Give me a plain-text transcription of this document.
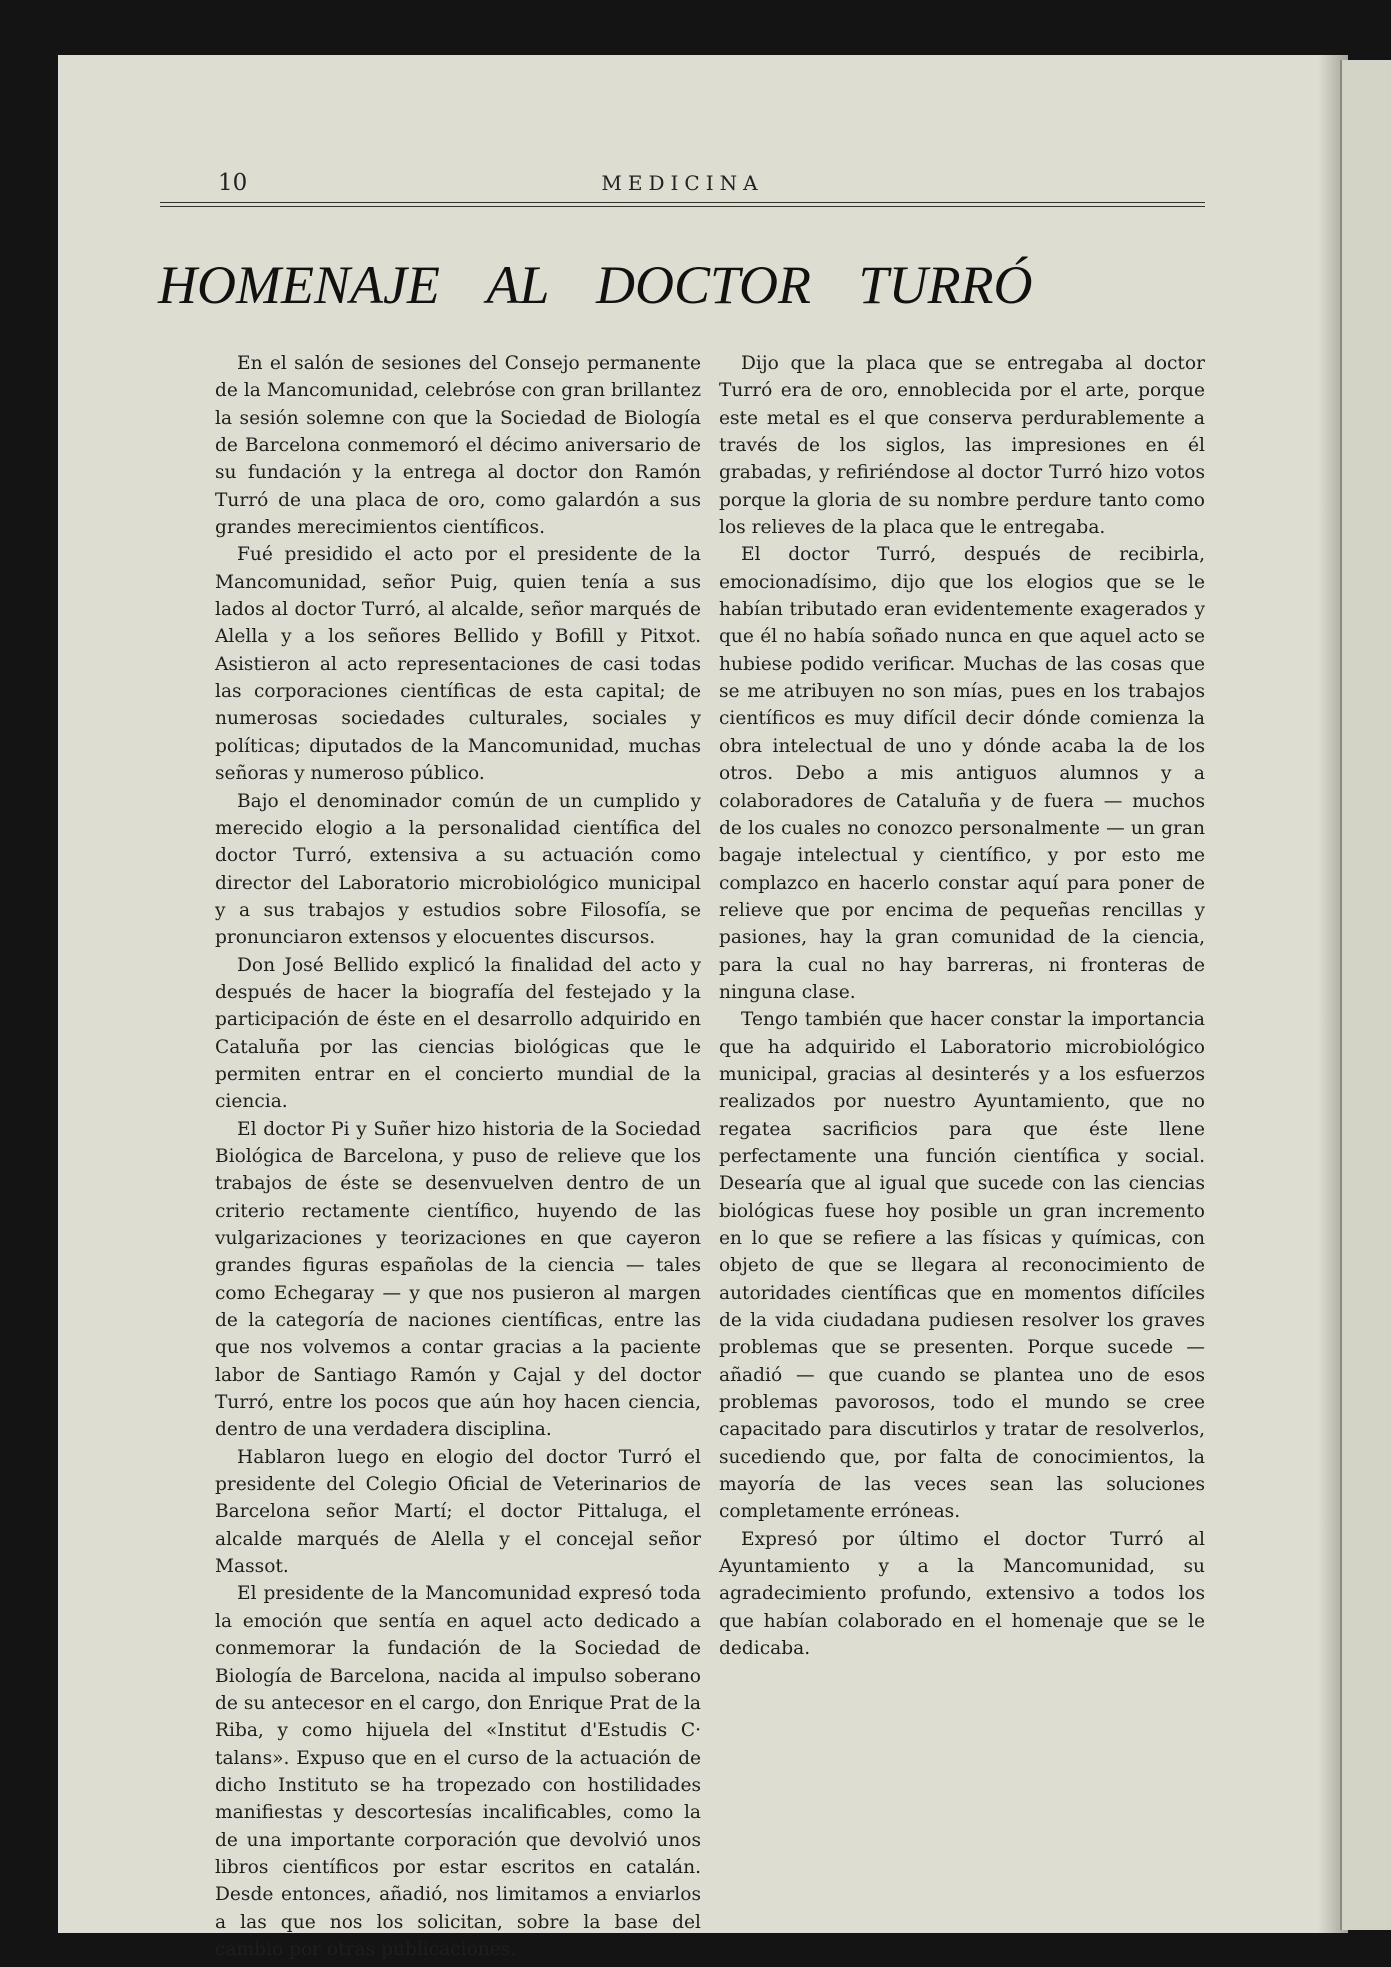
10	MEDICINA
HOMENAJE AL DOCTOR TURRÓ

En el salón de sesiones del Consejo permanente de la Mancomunidad, celebróse con gran brillantez la sesión solemne con que la Sociedad de Biología de Barcelona conmemoró el décimo aniversario de su fundación y la entrega al doctor don Ramón Turró de una placa de oro, como galardón a sus grandes merecimientos científicos.

Fué presidido el acto por el presidente de la Mancomunidad, señor Puig, quien tenía a sus lados al doctor Turró, al alcalde, señor marqués de Alella y a los señores Bellido y Bofill y Pitxot. Asistieron al acto representaciones de casi todas las corporaciones científicas de esta capital; de numerosas sociedades culturales, sociales y políticas; diputados de la Mancomunidad, muchas señoras y numeroso público.

Bajo el denominador común de un cumplido y merecido elogio a la personalidad científica del doctor Turró, extensiva a su actuación como director del Laboratorio microbiológico municipal y a sus trabajos y estudios sobre Filosofía, se pronunciaron extensos y elocuentes discursos.

Don José Bellido explicó la finalidad del acto y después de hacer la biografía del festejado y la participación de éste en el desarrollo adquirido en Cataluña por las ciencias biológicas que le permiten entrar en el concierto mundial de la ciencia.

El doctor Pi y Suñer hizo historia de la Sociedad Biológica de Barcelona, y puso de relieve que los trabajos de éste se desenvuelven dentro de un criterio rectamente científico, huyendo de las vulgarizaciones y teorizaciones en que cayeron grandes figuras españolas de la ciencia — tales como Echegaray — y que nos pusieron al margen de la categoría de naciones científicas, entre las que nos volvemos a contar gracias a la paciente labor de Santiago Ramón y Cajal y del doctor Turró, entre los pocos que aún hoy hacen ciencia, dentro de una verdadera disciplina.

Hablaron luego en elogio del doctor Turró el presidente del Colegio Oficial de Veterinarios de Barcelona señor Martí; el doctor Pittaluga, el alcalde marqués de Alella y el concejal señor Massot.

El presidente de la Mancomunidad expresó toda la emoción que sentía en aquel acto dedicado a conmemorar la fundación de la Sociedad de Biología de Barcelona, nacida al impulso soberano de su antecesor en el cargo, don Enrique Prat de la Riba, y como hijuela del «Institut d'Estudis C· talans». Expuso que en el curso de la actuación de dicho Instituto se ha tropezado con hostilidades manifiestas y descortesías incalificables, como la de una importante corporación que devolvió unos libros científicos por estar escritos en catalán. Desde entonces, añadió, nos limitamos a enviarlos a las que nos los solicitan, sobre la base del cambio por otras publicaciones.

Dijo que la placa que se entregaba al doctor Turró era de oro, ennoblecida por el arte, porque este metal es el que conserva perdurablemente a través de los siglos, las impresiones en él grabadas, y refiriéndose al doctor Turró hizo votos porque la gloria de su nombre perdure tanto como los relieves de la placa que le entregaba.

El doctor Turró, después de recibirla, emocionadísimo, dijo que los elogios que se le habían tributado eran evidentemente exagerados y que él no había soñado nunca en que aquel acto se hubiese podido verificar. Muchas de las cosas que se me atribuyen no son mías, pues en los trabajos científicos es muy difícil decir dónde comienza la obra intelectual de uno y dónde acaba la de los otros. Debo a mis antiguos alumnos y a colaboradores de Cataluña y de fuera — muchos de los cuales no conozco personalmente — un gran bagaje intelectual y científico, y por esto me complazco en hacerlo constar aquí para poner de relieve que por encima de pequeñas rencillas y pasiones, hay la gran comunidad de la ciencia, para la cual no hay barreras, ni fronteras de ninguna clase.

Tengo también que hacer constar la importancia que ha adquirido el Laboratorio microbiológico municipal, gracias al desinterés y a los esfuerzos realizados por nuestro Ayuntamiento, que no regatea sacrificios para que éste llene perfectamente una función científica y social. Desearía que al igual que sucede con las ciencias biológicas fuese hoy posible un gran incremento en lo que se refiere a las físicas y químicas, con objeto de que se llegara al reconocimiento de autoridades científicas que en momentos difíciles de la vida ciudadana pudiesen resolver los graves problemas que se presenten. Porque sucede — añadió — que cuando se plantea uno de esos problemas pavorosos, todo el mundo se cree capacitado para discutirlos y tratar de resolverlos, sucediendo que, por falta de conocimientos, la mayoría de las veces sean las soluciones completamente erróneas.

Expresó por último el doctor Turró al Ayuntamiento y a la Mancomunidad, su agradecimiento profundo, extensivo a todos los que habían colaborado en el homenaje que se le dedicaba.
